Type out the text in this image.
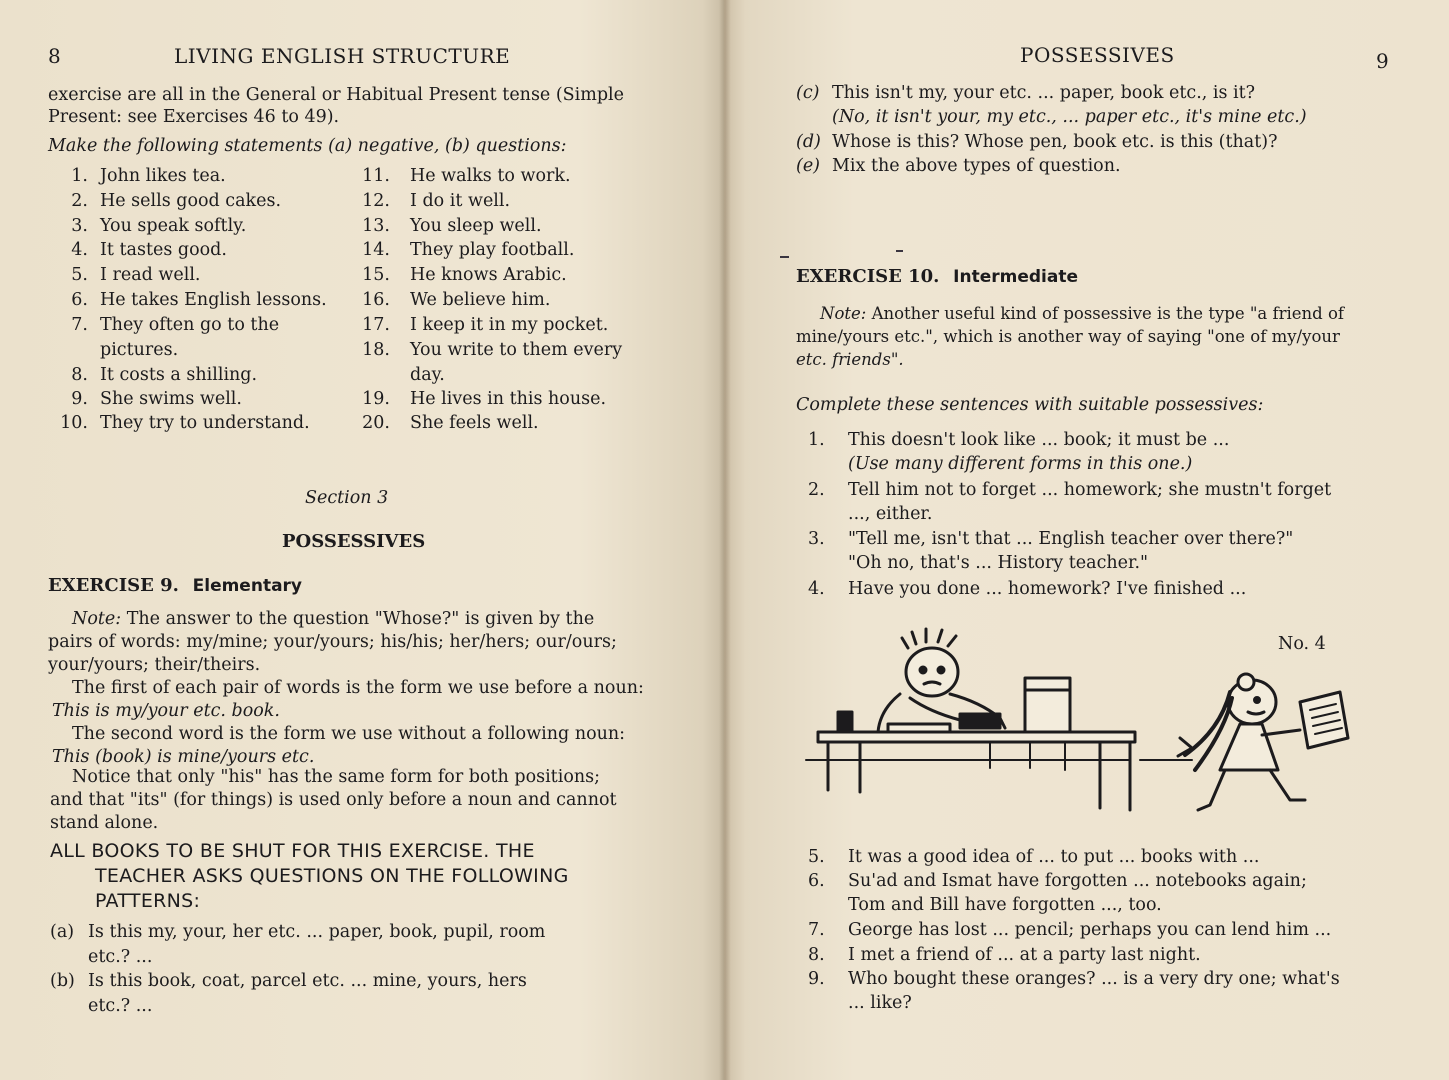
8	LIVING ENGLISH STRUCTURE
exercise are all in the General or Habitual Present tense (Simple
Present: see Exercises 46 to 49).
Make the following statements (a) negative, (b) questions:
1. John likes tea.
2. He sells good cakes.
3. You speak softly.
4. It tastes good.
5. I read well.
6. He takes English lessons.
7. They often go to the
pictures.
8. It costs a shilling.
9. She swims well.
10. They try to understand.
11. He walks to work.
12. I do it well.
13. You sleep well.
14. They play football.
15. He knows Arabic.
16. We believe him.
17. I keep it in my pocket.
18. You write to them every
day.
19. He lives in this house.
20. She feels well.
Section 3
POSSESSIVES
EXERCISE 9. Elementary
Note: The answer to the question "Whose?" is given by the
pairs of words: my/mine; your/yours; his/his; her/hers; our/ours;
your/yours; their/theirs.
The first of each pair of words is the form we use before a noun:
This is my/your etc. book.
The second word is the form we use without a following noun:
This (book) is mine/yours etc.
Notice that only "his" has the same form for both positions;
and that "its" (for things) is used only before a noun and cannot
stand alone.
ALL BOOKS TO BE SHUT FOR THIS EXERCISE. THE
TEACHER ASKS QUESTIONS ON THE FOLLOWING
PATTERNS:
(a) Is this my, your, her etc. ... paper, book, pupil, room
etc.? ...
(b) Is this book, coat, parcel etc. ... mine, yours, hers
etc.? ...
POSSESSIVES	9
(c) This isn't my, your etc. ... paper, book etc., is it?
(No, it isn't your, my etc., ... paper etc., it's mine etc.)
(d) Whose is this? Whose pen, book etc. is this (that)?
(e) Mix the above types of question.
EXERCISE 10. Intermediate
Note: Another useful kind of possessive is the type "a friend of
mine/yours etc.", which is another way of saying "one of my/your
etc. friends".
Complete these sentences with suitable possessives:
1. This doesn't look like ... book; it must be ...
(Use many different forms in this one.)
2. Tell him not to forget ... homework; she mustn't forget
..., either.
3. "Tell me, isn't that ... English teacher over there?"
"Oh no, that's ... History teacher."
4. Have you done ... homework? I've finished ...
No. 4
5. It was a good idea of ... to put ... books with ...
6. Su'ad and Ismat have forgotten ... notebooks again;
Tom and Bill have forgotten ..., too.
7. George has lost ... pencil; perhaps you can lend him ...
8. I met a friend of ... at a party last night.
9. Who bought these oranges? ... is a very dry one; what's
... like?
